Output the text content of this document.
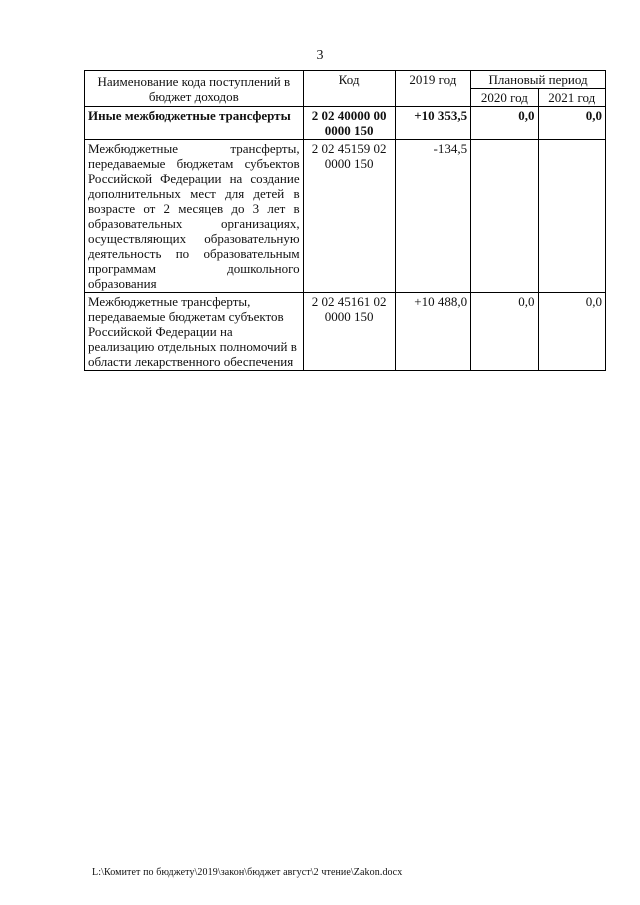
3
Наименование кода поступлений в бюджет доходов	Код	2019 год	Плановый период	
			2020 год	2021 год
Иные межбюджетные трансферты	2 02 40000 00 0000 150	+10 353,5	0,0	0,0
Межбюджетные трансферты, передаваемые бюджетам субъектов Российской Федерации на создание дополнительных мест для детей в возрасте от 2 месяцев до 3 лет в образовательных организациях, осуществляющих образовательную деятельность по образовательным программам дошкольного образования	2 02 45159 02 0000 150	-134,5		
Межбюджетные трансферты, передаваемые бюджетам субъектов Российской Федерации на реализацию отдельных полномочий в области лекарственного обеспечения	2 02 45161 02 0000 150	+10 488,0	0,0	0,0
L:\Комитет по бюджету\2019\закон\бюджет август\2 чтение\Zakon.docx
